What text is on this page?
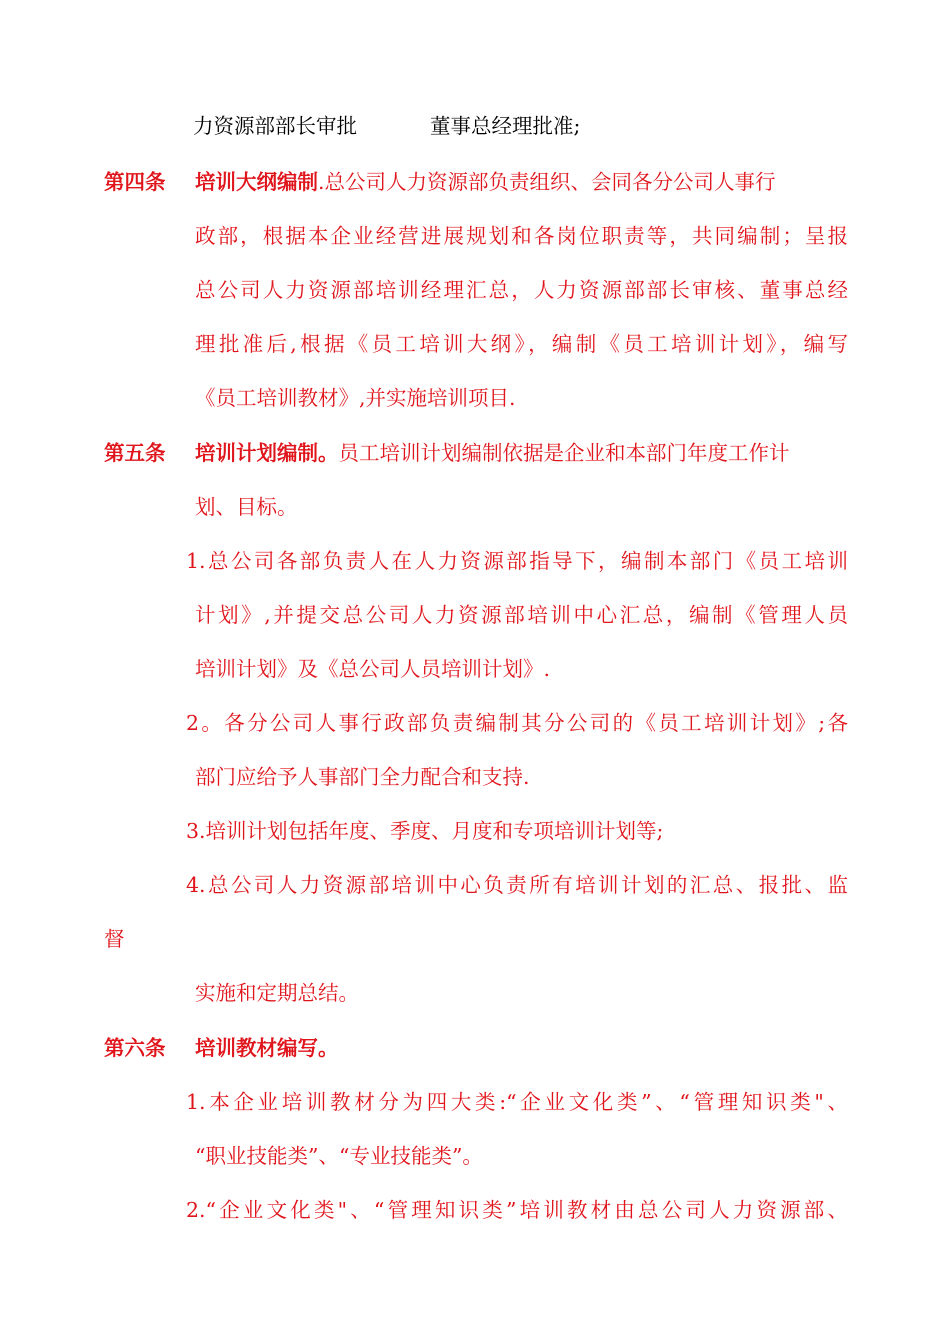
力资源部部长审批	董事总经理批准;
第四条 培训大纲编制.总公司人力资源部负责组织、会同各分公司人事行
政部，根据本企业经营进展规划和各岗位职责等，共同编制；呈报
总公司人力资源部培训经理汇总，人力资源部部长审核、董事总经
理批准后,根据《员工培训大纲》，编制《员工培训计划》，编写
《员工培训教材》,并实施培训项目.
第五条 培训计划编制。员工培训计划编制依据是企业和本部门年度工作计
划、目标。
1.总公司各部负责人在人力资源部指导下，编制本部门《员工培训
计划》,并提交总公司人力资源部培训中心汇总，编制《管理人员
培训计划》及《总公司人员培训计划》.
2。各分公司人事行政部负责编制其分公司的《员工培训计划》;各
部门应给予人事部门全力配合和支持.
3.培训计划包括年度、季度、月度和专项培训计划等;
4.总公司人力资源部培训中心负责所有培训计划的汇总、报批、监
督
实施和定期总结。
第六条 培训教材编写。
1.本企业培训教材分为四大类:“企业文化类”、“管理知识类"、
“职业技能类”、“专业技能类”。
2.“企业文化类"、“管理知识类”培训教材由总公司人力资源部、
